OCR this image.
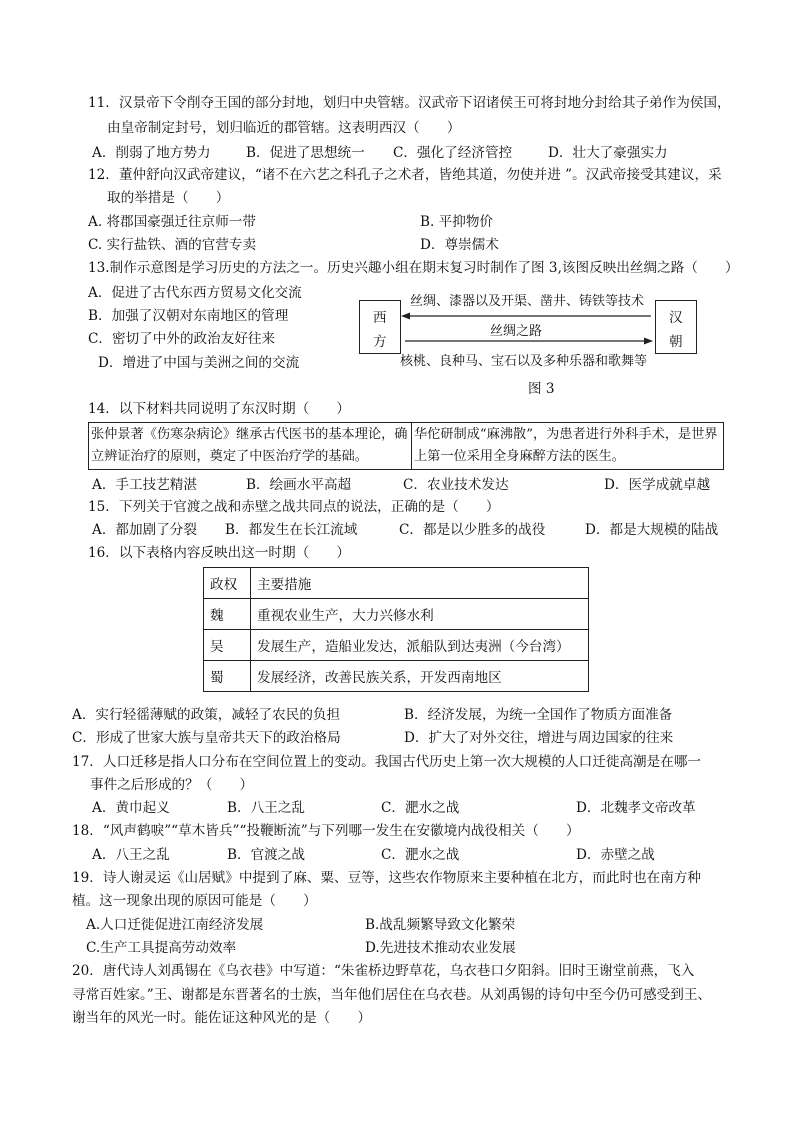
11．汉景帝下令削夺王国的部分封地，划归中央管辖。汉武帝下诏诸侯王可将封地分封给其子弟作为侯国，
由皇帝制定封号，划归临近的郡管辖。这表明西汉（　　）
A．削弱了地方势力	B．促进了思想统一 C．强化了经济管控	D．壮大了豪强实力
12．董仲舒向汉武帝建议，“诸不在六艺之科孔子之术者，皆绝其道，勿使并进 ”。汉武帝接受其建议，采
取的举措是（　　）
A. 将郡国豪强迁往京师一带	B. 平抑物价
C. 实行盐铁、酒的官营专卖	D．尊崇儒术
13.制作示意图是学习历史的方法之一。历史兴趣小组在期末复习时制作了图 3,该图反映出丝绸之路（　　）
A．促进了古代东西方贸易文化交流
B．加强了汉朝对东南地区的管理
C．密切了中外的政治友好往来
D．增进了中国与美洲之间的交流
西
方
汉
朝
丝绸、漆器以及开渠、凿井、铸铁等技术
丝绸之路
核桃、良种马、宝石以及多种乐器和歌舞等
图 3
14．以下材料共同说明了东汉时期（　　）
张仲景著《伤寒杂病论》继承古代医书的基本理论，确立辨证治疗的原则，奠定了中医治疗学的基础。	华佗研制成“麻沸散”，为患者进行外科手术，是世界上第一位采用全身麻醉方法的医生。
A．手工技艺精湛	B．绘画水平高超	C．农业技术发达	D．医学成就卓越
15．下列关于官渡之战和赤壁之战共同点的说法，正确的是（　　）
A．都加剧了分裂 B．都发生在长江流域	C．都是以少胜多的战役	D．都是大规模的陆战
16．以下表格内容反映出这一时期（　　）
政权	主要措施
魏	重视农业生产，大力兴修水利
吴	发展生产，造船业发达，派船队到达夷洲（今台湾）
蜀	发展经济，改善民族关系，开发西南地区
A．实行轻徭薄赋的政策，减轻了农民的负担	B．经济发展，为统一全国作了物质方面准备
C．形成了世家大族与皇帝共天下的政治格局	D．扩大了对外交往，增进与周边国家的往来
17．人口迁移是指人口分布在空间位置上的变动。我国古代历史上第一次大规模的人口迁徙高潮是在哪一
事件之后形成的？（　　）
A．黄巾起义	B．八王之乱	C．淝水之战	D．北魏孝文帝改革
18．“风声鹤唳”“草木皆兵”“投鞭断流”与下列哪一发生在安徽境内战役相关（　　）
A．八王之乱	B．官渡之战	C．淝水之战	D．赤壁之战
19．诗人谢灵运《山居赋》中提到了麻、粟、豆等，这些农作物原来主要种植在北方，而此时也在南方种
植。这一现象出现的原因可能是（　　）
A.人口迁徙促进江南经济发展	B.战乱频繁导致文化繁荣
C.生产工具提高劳动效率	D.先进技术推动农业发展
20．唐代诗人刘禹锡在《乌衣巷》中写道：“朱雀桥边野草花，乌衣巷口夕阳斜。旧时王谢堂前燕，飞入
寻常百姓家。”王、谢都是东晋著名的士族，当年他们居住在乌衣巷。从刘禹锡的诗句中至今仍可感受到王、
谢当年的风光一时。能佐证这种风光的是（　　）
